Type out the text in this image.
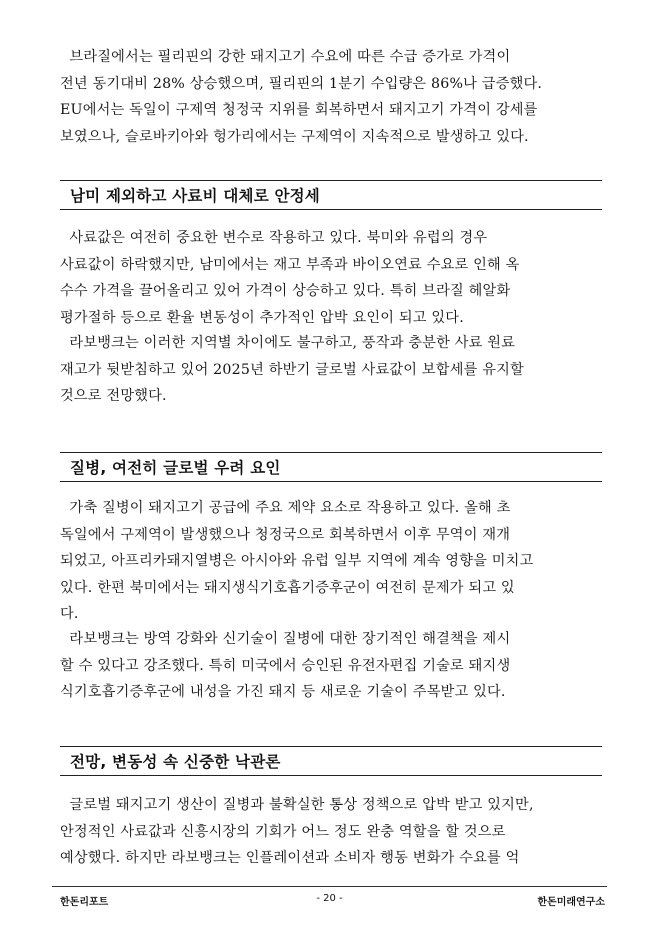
브라질에서는 필리핀의 강한 돼지고기 수요에 따른 수급 증가로 가격이
전년 동기대비 28% 상승했으며, 필리핀의 1분기 수입량은 86%나 급증했다.
EU에서는 독일이 구제역 청정국 지위를 회복하면서 돼지고기 가격이 강세를
보였으나, 슬로바키아와 헝가리에서는 구제역이 지속적으로 발생하고 있다.

남미 제외하고 사료비 대체로 안정세

사료값은 여전히 중요한 변수로 작용하고 있다. 북미와 유럽의 경우
사료값이 하락했지만, 남미에서는 재고 부족과 바이오연료 수요로 인해 옥
수수 가격을 끌어올리고 있어 가격이 상승하고 있다. 특히 브라질 헤알화
평가절하 등으로 환율 변동성이 추가적인 압박 요인이 되고 있다.

라보뱅크는 이러한 지역별 차이에도 불구하고, 풍작과 충분한 사료 원료
재고가 뒷받침하고 있어 2025년 하반기 글로벌 사료값이 보합세를 유지할
것으로 전망했다.

질병, 여전히 글로벌 우려 요인

가축 질병이 돼지고기 공급에 주요 제약 요소로 작용하고 있다. 올해 초
독일에서 구제역이 발생했으나 청정국으로 회복하면서 이후 무역이 재개
되었고, 아프리카돼지열병은 아시아와 유럽 일부 지역에 계속 영향을 미치고
있다. 한편 북미에서는 돼지생식기호흡기증후군이 여전히 문제가 되고 있
다.

라보뱅크는 방역 강화와 신기술이 질병에 대한 장기적인 해결책을 제시
할 수 있다고 강조했다. 특히 미국에서 승인된 유전자편집 기술로 돼지생
식기호흡기증후군에 내성을 가진 돼지 등 새로운 기술이 주목받고 있다.

전망, 변동성 속 신중한 낙관론

글로벌 돼지고기 생산이 질병과 불확실한 통상 정책으로 압박 받고 있지만,
안정적인 사료값과 신흥시장의 기회가 어느 정도 완충 역할을 할 것으로
예상했다. 하지만 라보뱅크는 인플레이션과 소비자 행동 변화가 수요를 억

한돈리포트	- 20 -	한돈미래연구소
